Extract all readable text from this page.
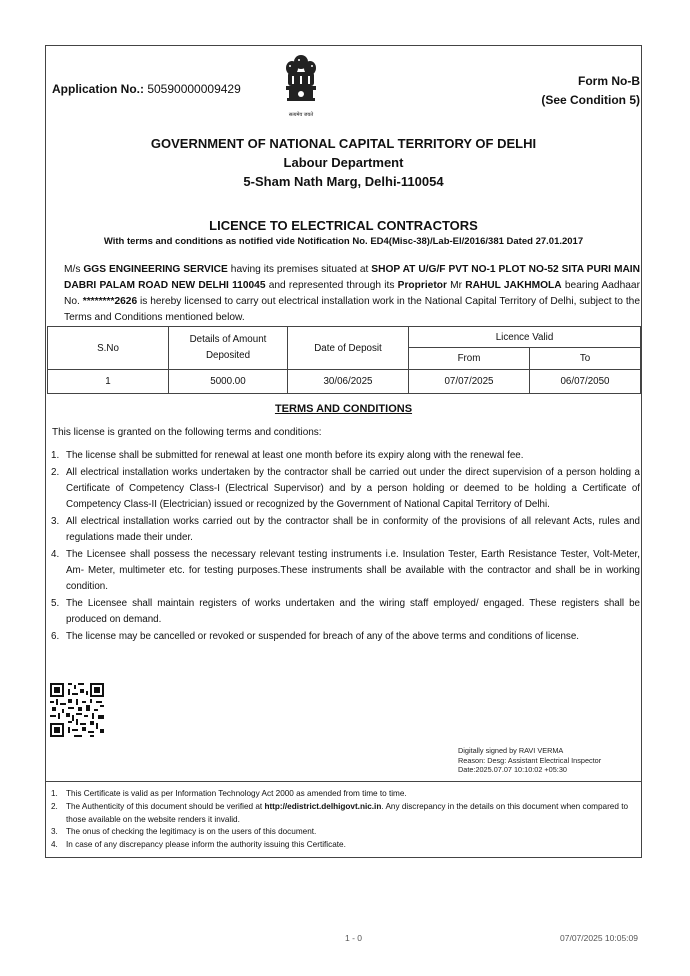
Application No.: 50590000009429
Form No-B
(See Condition 5)
सत्यमेव जयते
GOVERNMENT OF NATIONAL CAPITAL TERRITORY OF DELHI
Labour Department
5-Sham Nath Marg, Delhi-110054
LICENCE TO ELECTRICAL CONTRACTORS
With terms and conditions as notified vide Notification No. ED4(Misc-38)/Lab-El/2016/381 Dated 27.01.2017
M/s GGS ENGINEERING SERVICE having its premises situated at SHOP AT U/G/F PVT NO-1 PLOT NO-52 SITA PURI MAIN DABRI PALAM ROAD NEW DELHI 110045 and represented through its Proprietor Mr RAHUL JAKHMOLA bearing Aadhaar No. ********2626 is hereby licensed to carry out electrical installation work in the National Capital Territory of Delhi, subject to the Terms and Conditions mentioned below.
S.No	Details of Amount Deposited	Date of Deposit	Licence Valid	
			From	To
1	5000.00	30/06/2025	07/07/2025	06/07/2050
TERMS AND CONDITIONS
This license is granted on the following terms and conditions:
1. The license shall be submitted for renewal at least one month before its expiry along with the renewal fee.
2. All electrical installation works undertaken by the contractor shall be carried out under the direct supervision of a person holding a Certificate of Competency Class-I (Electrical Supervisor) and by a person holding or deemed to be holding a Certificate of Competency Class-II (Electrician) issued or recognized by the Government of National Capital Territory of Delhi.
3. All electrical installation works carried out by the contractor shall be in conformity of the provisions of all relevant Acts, rules and regulations made their under.
4. The Licensee shall possess the necessary relevant testing instruments i.e. Insulation Tester, Earth Resistance Tester, Volt-Meter, Am- Meter, multimeter etc. for testing purposes.These instruments shall be available with the contractor and shall be in working condition.
5. The Licensee shall maintain registers of works undertaken and the wiring staff employed/ engaged. These registers shall be produced on demand.
6. The license may be cancelled or revoked or suspended for breach of any of the above terms and conditions of license.
Digitally signed by RAVI VERMA
Reason: Desg: Assistant Electrical Inspector
Date:2025.07.07 10:10:02 +05:30
1. This Certificate is valid as per Information Technology Act 2000 as amended from time to time.
2. The Authenticity of this document should be verified at http://edistrict.delhigovt.nic.in. Any discrepancy in the details on this document when compared to those available on the website renders it invalid.
3. The onus of checking the legitimacy is on the users of this document.
4. In case of any discrepancy please inform the authority issuing this Certificate.
1 - 0	07/07/2025 10:05:09
